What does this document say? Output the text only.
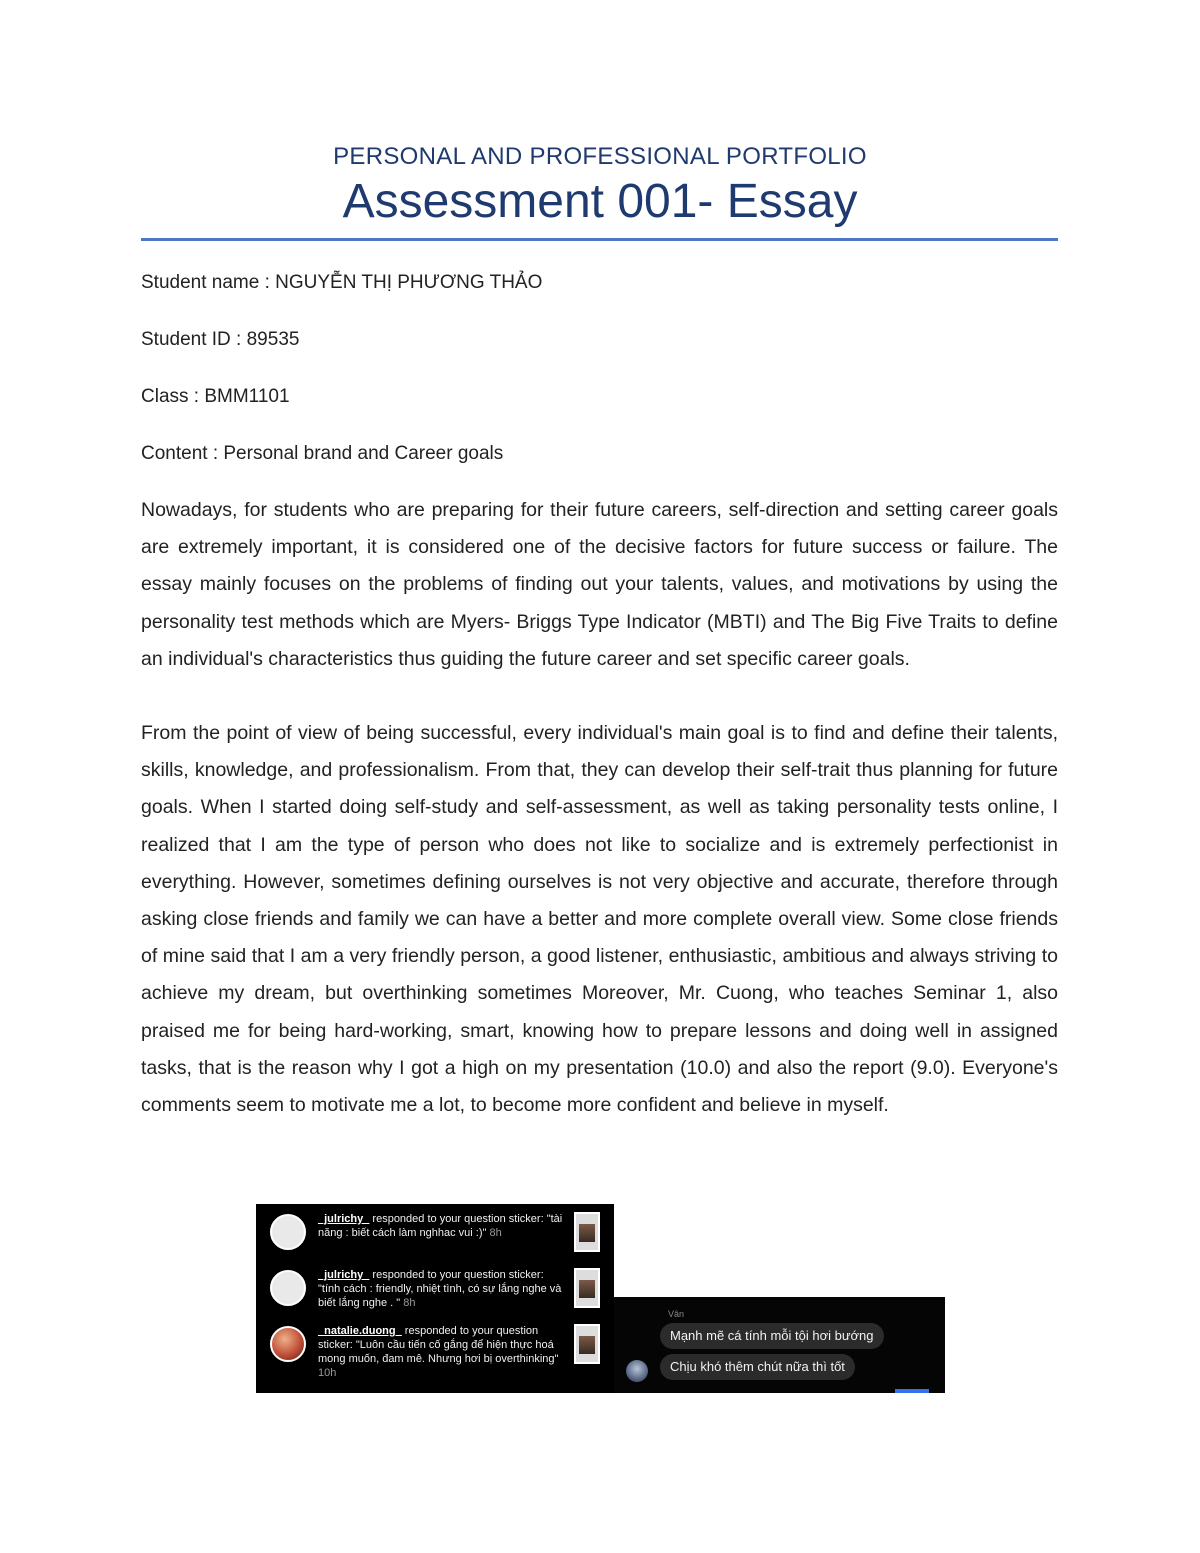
PERSONAL AND PROFESSIONAL PORTFOLIO
Assessment 001- Essay
Student name : NGUYỄN THỊ PHƯƠNG THẢO
Student ID : 89535
Class : BMM1101
Content : Personal brand and Career goals

Nowadays, for students who are preparing for their future careers, self-direction and setting career goals are extremely important, it is considered one of the decisive factors for future success or failure. The essay mainly focuses on the problems of finding out your talents, values, and motivations by using the personality test methods which are Myers- Briggs Type Indicator (MBTI) and The Big Five Traits to define an individual's characteristics thus guiding the future career and set specific career goals.

From the point of view of being successful, every individual's main goal is to find and define their talents, skills, knowledge, and professionalism. From that, they can develop their self-trait thus planning for future goals. When I started doing self-study and self-assessment, as well as taking personality tests online, I realized that I am the type of person who does not like to socialize and is extremely perfectionist in everything. However, sometimes defining ourselves is not very objective and accurate, therefore through asking close friends and family we can have a better and more complete overall view. Some close friends of mine said that I am a very friendly person, a good listener, enthusiastic, ambitious and always striving to achieve my dream, but overthinking sometimes Moreover, Mr. Cuong, who teaches Seminar 1, also praised me for being hard-working, smart, knowing how to prepare lessons and doing well in assigned tasks, that is the reason why I got a high on my presentation (10.0) and also the report (9.0). Everyone's comments seem to motivate me a lot, to become more confident and believe in myself.

_julrichy_ responded to your question sticker: "tài năng : biết cách làm nghhac vui :)" 8h
_julrichy_ responded to your question sticker: "tính cách : friendly, nhiệt tình, có sự lắng nghe và biết lắng nghe . " 8h
_natalie.duong_ responded to your question sticker: "Luôn cầu tiến cố gắng để hiện thực hoá mong muốn, đam mê. Nhưng hơi bị overthinking" 10h
Vân
Mạnh mẽ cá tính mỗi tội hơi bướng
Chịu khó thêm chút nữa thì tốt
